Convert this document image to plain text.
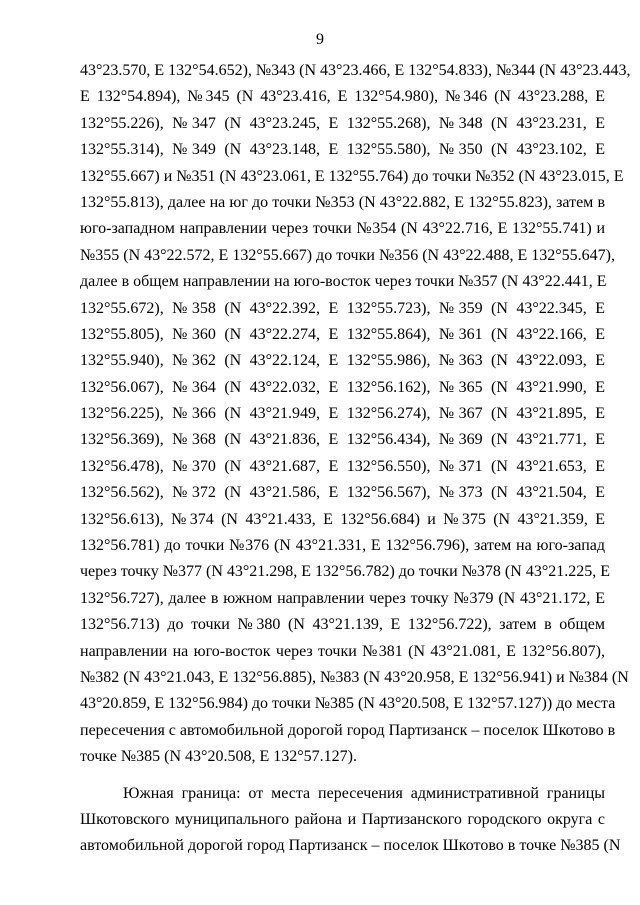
9
43°23.570, E 132°54.652), №343 (N 43°23.466, E 132°54.833), №344 (N 43°23.443,
E 132°54.894), №345 (N 43°23.416, E 132°54.980), №346 (N 43°23.288, E
132°55.226), №347 (N 43°23.245, E 132°55.268), №348 (N 43°23.231, E
132°55.314), №349 (N 43°23.148, E 132°55.580), №350 (N 43°23.102, E
132°55.667) и №351 (N 43°23.061, E 132°55.764) до точки №352 (N 43°23.015, E
132°55.813), далее на юг до точки №353 (N 43°22.882, E 132°55.823), затем в
юго-западном направлении через точки №354 (N 43°22.716, E 132°55.741) и
№355 (N 43°22.572, E 132°55.667) до точки №356 (N 43°22.488, E 132°55.647),
далее в общем направлении на юго-восток через точки №357 (N 43°22.441, E
132°55.672), №358 (N 43°22.392, E 132°55.723), №359 (N 43°22.345, E
132°55.805), №360 (N 43°22.274, E 132°55.864), №361 (N 43°22.166, E
132°55.940), №362 (N 43°22.124, E 132°55.986), №363 (N 43°22.093, E
132°56.067), №364 (N 43°22.032, E 132°56.162), №365 (N 43°21.990, E
132°56.225), №366 (N 43°21.949, E 132°56.274), №367 (N 43°21.895, E
132°56.369), №368 (N 43°21.836, E 132°56.434), №369 (N 43°21.771, E
132°56.478), №370 (N 43°21.687, E 132°56.550), №371 (N 43°21.653, E
132°56.562), №372 (N 43°21.586, E 132°56.567), №373 (N 43°21.504, E
132°56.613), №374 (N 43°21.433, E 132°56.684) и №375 (N 43°21.359, E
132°56.781) до точки №376 (N 43°21.331, E 132°56.796), затем на юго-запад
через точку №377 (N 43°21.298, E 132°56.782) до точки №378 (N 43°21.225, E
132°56.727), далее в южном направлении через точку №379 (N 43°21.172, E
132°56.713) до точки №380 (N 43°21.139, E 132°56.722), затем в общем
направлении на юго-восток через точки №381 (N 43°21.081, E 132°56.807),
№382 (N 43°21.043, E 132°56.885), №383 (N 43°20.958, E 132°56.941) и №384 (N
43°20.859, E 132°56.984) до точки №385 (N 43°20.508, E 132°57.127)) до места
пересечения с автомобильной дорогой город Партизанск – поселок Шкотово в
точке №385 (N 43°20.508, E 132°57.127).
Южная граница: от места пересечения административной границы
Шкотовского муниципального района и Партизанского городского округа с
автомобильной дорогой город Партизанск – поселок Шкотово в точке №385 (N
